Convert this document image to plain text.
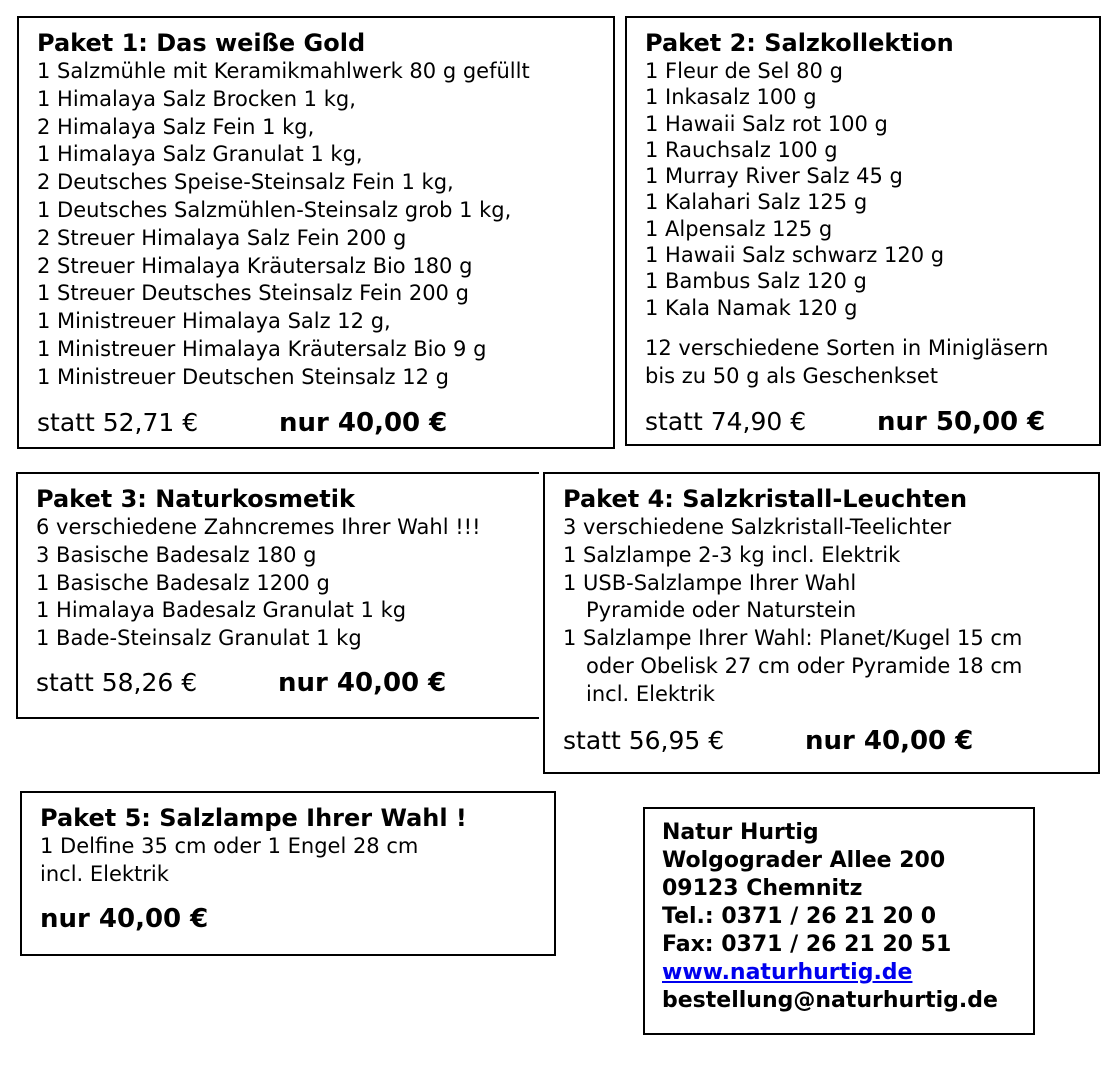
Paket 1: Das weiße Gold
1 Salzmühle mit Keramikmahlwerk 80 g gefüllt
1 Himalaya Salz Brocken 1 kg,
2 Himalaya Salz Fein 1 kg,
1 Himalaya Salz Granulat 1 kg,
2 Deutsches Speise-Steinsalz Fein 1 kg,
1 Deutsches Salzmühlen-Steinsalz grob 1 kg,
2 Streuer Himalaya Salz Fein 200 g
2 Streuer Himalaya Kräutersalz Bio 180 g
1 Streuer Deutsches Steinsalz Fein 200 g
1 Ministreuer Himalaya Salz 12 g,
1 Ministreuer Himalaya Kräutersalz Bio 9 g
1 Ministreuer Deutschen Steinsalz 12 g
statt 52,71 €	nur 40,00 €
Paket 2: Salzkollektion
1 Fleur de Sel 80 g
1 Inkasalz 100 g
1 Hawaii Salz rot 100 g
1 Rauchsalz 100 g
1 Murray River Salz 45 g
1 Kalahari Salz 125 g
1 Alpensalz 125 g
1 Hawaii Salz schwarz 120 g
1 Bambus Salz 120 g
1 Kala Namak 120 g
12 verschiedene Sorten in Minigläsern
bis zu 50 g als Geschenkset
statt 74,90 €	nur 50,00 €
Paket 3: Naturkosmetik
6 verschiedene Zahncremes Ihrer Wahl !!!
3 Basische Badesalz 180 g
1 Basische Badesalz 1200 g
1 Himalaya Badesalz Granulat 1 kg
1 Bade-Steinsalz Granulat 1 kg
statt 58,26 €	nur 40,00 €
Paket 4: Salzkristall-Leuchten
3 verschiedene Salzkristall-Teelichter
1 Salzlampe 2-3 kg incl. Elektrik
1 USB-Salzlampe Ihrer Wahl
Pyramide oder Naturstein
1 Salzlampe Ihrer Wahl: Planet/Kugel 15 cm
oder Obelisk 27 cm oder Pyramide 18 cm
incl. Elektrik
statt 56,95 €	nur 40,00 €
Paket 5: Salzlampe Ihrer Wahl !
1 Delfine 35 cm oder 1 Engel 28 cm
incl. Elektrik
nur 40,00 €
Natur Hurtig
Wolgograder Allee 200
09123 Chemnitz
Tel.: 0371 / 26 21 20 0
Fax: 0371 / 26 21 20 51
www.naturhurtig.de
bestellung@naturhurtig.de
